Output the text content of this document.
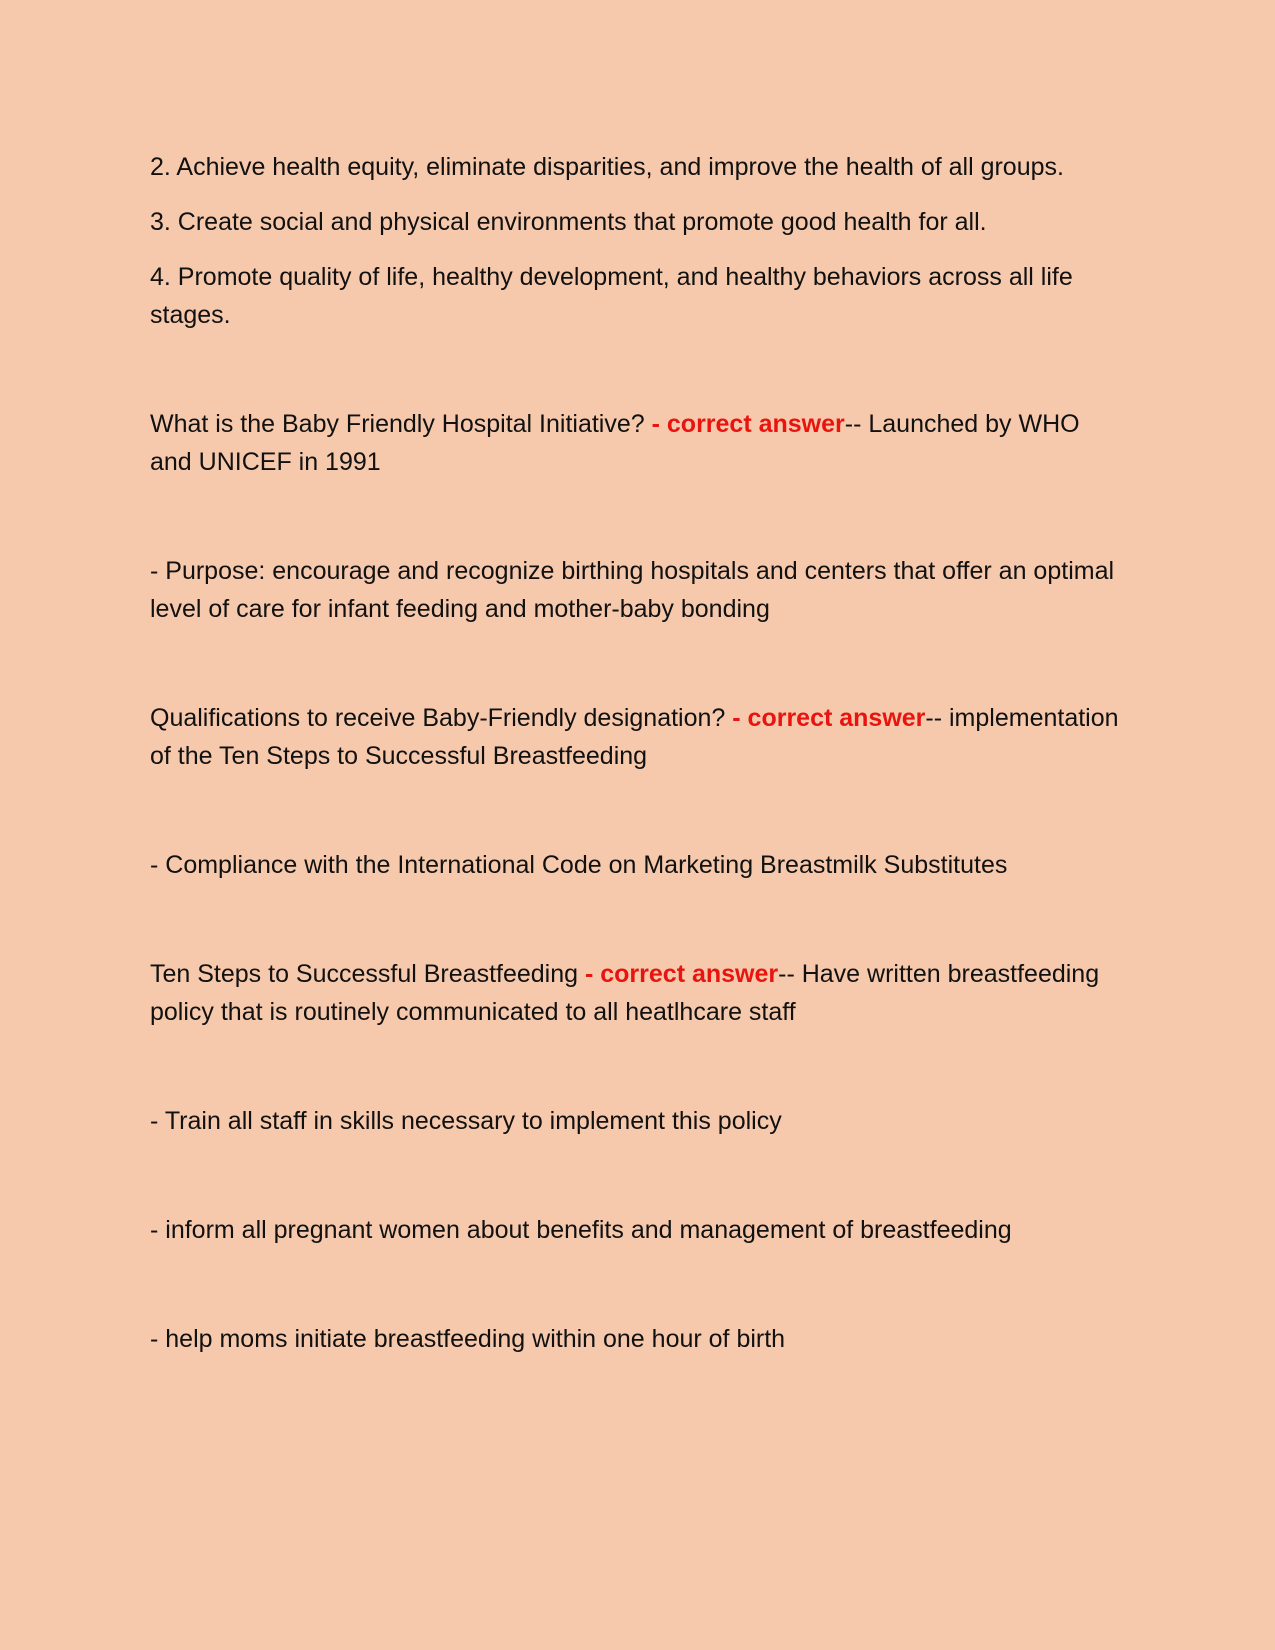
2. Achieve health equity, eliminate disparities, and improve the health of all groups.

3. Create social and physical environments that promote good health for all.

4. Promote quality of life, healthy development, and healthy behaviors across all life stages.

What is the Baby Friendly Hospital Initiative? - correct answer-- Launched by WHO and UNICEF in 1991

- Purpose: encourage and recognize birthing hospitals and centers that offer an optimal level of care for infant feeding and mother-baby bonding

Qualifications to receive Baby-Friendly designation? - correct answer-- implementation of the Ten Steps to Successful Breastfeeding

- Compliance with the International Code on Marketing Breastmilk Substitutes

Ten Steps to Successful Breastfeeding - correct answer-- Have written breastfeeding policy that is routinely communicated to all heatlhcare staff

- Train all staff in skills necessary to implement this policy

- inform all pregnant women about benefits and management of breastfeeding

- help moms initiate breastfeeding within one hour of birth
